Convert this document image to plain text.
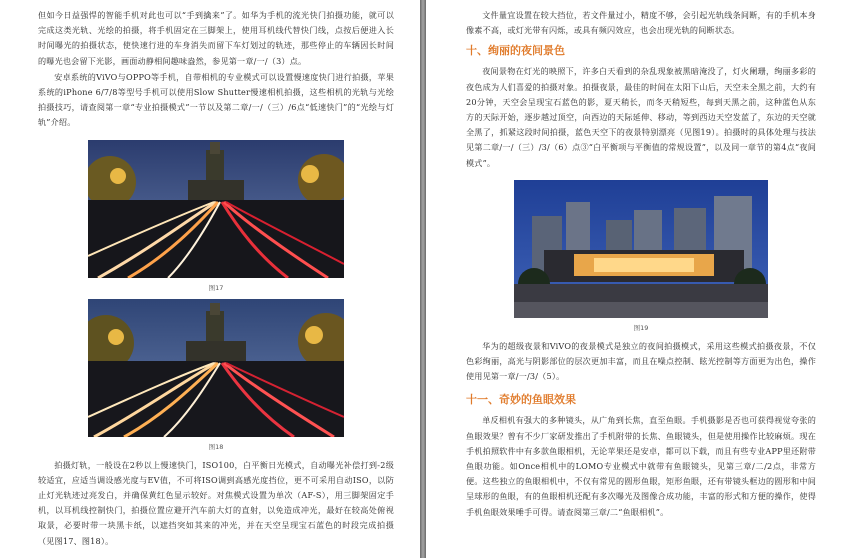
但如今日益强悍的智能手机对此也可以“手到擒来”了。如华为手机的流光快门拍摄功能，就可以完成这类光轨、光绘的拍摄，将手机固定在三脚架上，使用耳机线代替快门线，点按后便进入长时间曝光的拍摄状态，使快速行进的车身消失而留下车灯划过的轨迹，那些停止的车辆因长时间的曝光也会留下光影，画面动静相间趣味盎然，参见第一章/一/（3）点。

安卓系统的ViVO与OPPO等手机，自带相机的专业模式可以设置慢速度快门进行拍摄，苹果系统的iPhone 6/7/8等型号手机可以使用Slow Shutter慢速相机拍摄，这些相机的光轨与光绘拍摄技巧，请查阅第一章“专业拍摄模式”一节以及第二章/一/（三）/6点“低速快门”的“光绘与灯轨”介绍。

图17
图18

拍摄灯轨，一般设在2秒以上慢速快门，ISO100，白平衡日光模式，自动曝光补偿打到-2级较适宜，应适当调设感光度与EV值，不可将ISO调到高感光度挡位，更不可采用自动ISO，以防止灯光轨迹过亮发白，并确保黄红色显示较好。对焦模式设置为单次（AF-S），用三脚架固定手机，以耳机线控制快门，拍摄位置应避开汽车前大灯的直射，以免造成冲光，最好在较高处俯视取景，必要时带一块黑卡纸，以遮挡突如其来的冲光，并在天空呈现宝石蓝色的时段完成拍摄（见图17、图18）。

文件量宜设置在较大挡位，若文件量过小，精度不够，会引起光轨线条间断，有的手机本身像素不高，或灯光带有闪烁，或具有频闪效应，也会出现光轨的间断状态。

十、绚丽的夜间景色

夜间景物在灯光的映照下，许多白天看到的杂乱现象被黑暗淹没了，灯火阑珊，绚丽多彩的夜色成为人们喜爱的拍摄对象。拍摄夜景，最佳的时间在太阳下山后，天空未全黑之前，大约有20分钟，天空会呈现宝石蓝色的影，夏天稍长，而冬天稍短些，每到天黑之前，这种蓝色从东方的天际开始，逐步越过顶空，向西边的天际延伸、移动，等到西边天空发蓝了，东边的天空就全黑了，抓紧这段时间拍摄，蓝色天空下的夜景特别漂亮（见图19）。拍摄时的具体处理与技法见第二章/一/（三）/3/（6）点③“白平衡项与平衡值的常规设置”，以及同一章节的第4点“夜间模式”。

图19

华为的超级夜景和ViVO的夜景模式是独立的夜间拍摄模式，采用这些模式拍摄夜景，不仅色彩绚丽，高光与阴影部位的层次更加丰富，而且在噪点控制、眩光控制等方面更为出色，操作使用见第一章/一/3/（5）。

十一、奇妙的鱼眼效果

单反相机有强大的多种镜头，从广角到长焦，直至鱼眼。手机摄影是否也可获得视觉夸张的鱼眼效果？曾有不少厂家研发推出了手机附带的长焦、鱼眼镜头，但是使用操作比较麻烦。现在手机拍照软件中有多款鱼眼相机，无论苹果还是安卓，都可以下载，而且有些专业APP里还附带鱼眼功能。如Once相机中的LOMO专业模式中就带有鱼眼镜头，见第三章/二/2点，非常方便。这些独立的鱼眼相机中，不仅有常见的圆形鱼眼，矩形鱼眼，还有带镜头框边的圆形和中间呈球形的鱼眼，有的鱼眼相机还配有多次曝光及图像合成功能，丰富的形式和方便的操作，使得手机鱼眼效果唾手可得。请查阅第三章/二“鱼眼相机”。
